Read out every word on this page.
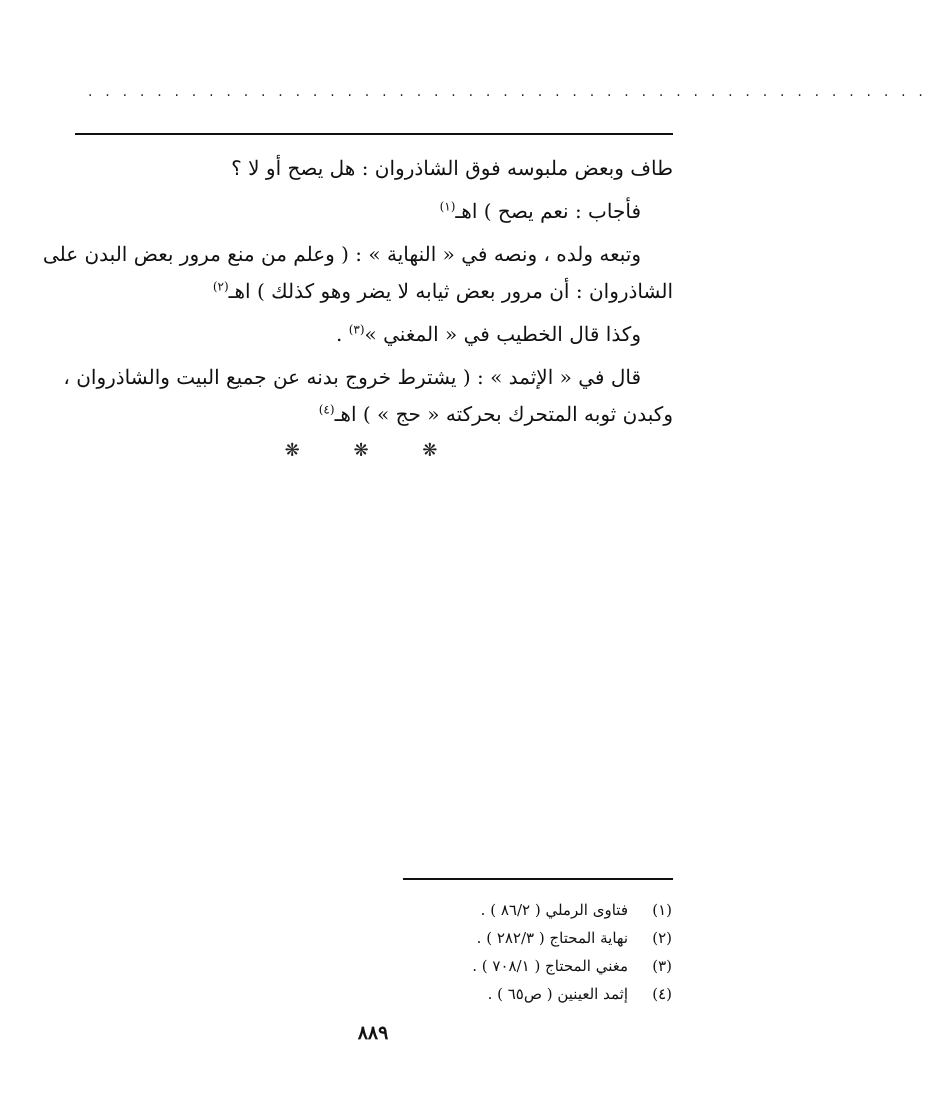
. . . . . . . . . . . . . . . . . . . . . . . . . . . . . . . . . . . . . . . . . . . . . . . . .

طاف وبعض ملبوسه فوق الشاذروان : هل يصح أو لا ؟

فأجاب : نعم يصح ) اهـ$^{(١)}$

وتبعه ولده ، ونصه في « النهاية » : ( وعلم من منع مرور بعض البدن على
الشاذروان : أن مرور بعض ثيابه لا يضر وهو كذلك ) اهـ$^{(٢)}$

وكذا قال الخطيب في « المغني »$^{(٣)}$ .

قال في « الإثمد » : ( يشترط خروج بدنه عن جميع البيت والشاذروان ،
وكبدن ثوبه المتحرك بحركته « حج » ) اهـ$^{(٤)}$

❋ ❋ ❋
(١)فتاوى الرملي ( ٨٦/٢ ) .
(٢)نهاية المحتاج ( ٢٨٢/٣ ) .
(٣)مغني المحتاج ( ٧٠٨/١ ) .
(٤)إثمد العينين ( ص٦٥ ) .
٨٨٩
